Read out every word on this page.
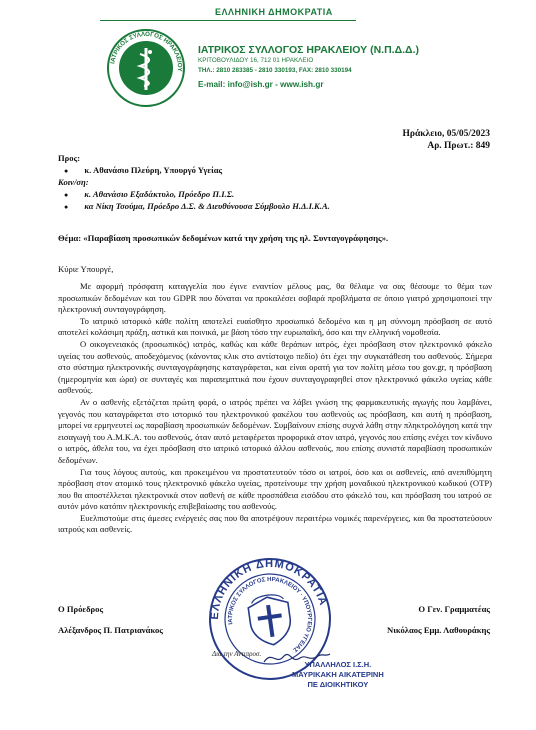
ΕΛΛΗΝΙΚΗ ΔΗΜΟΚΡΑΤΙΑ
ΙΑΤΡΙΚΟΣ ΣΥΛΛΟΓΟΣ ΗΡΑΚΛΕΙΟΥ
ΙΑΤΡΙΚΟΣ ΣΥΛΛΟΓΟΣ ΗΡΑΚΛΕΙΟΥ (Ν.Π.Δ.Δ.)
ΚΡΙΤΟΒΟΥΛΙΔΟΥ 16, 712 01 ΗΡΑΚΛΕΙΟ
ΤΗΛ.: 2810 283385 - 2810 330193, FAX: 2810 330194
E-mail: info@ish.gr - www.ish.gr
Ηράκλειο, 05/05/2023
Αρ. Πρωτ.: 849
Προς:
● κ. Αθανάσιο Πλεύρη, Υπουργό Υγείας
Κοιν/ση:
● κ. Αθανάσιο Εξαδάκτυλο, Πρόεδρο Π.Ι.Σ.
● κα Νίκη Τσούμα, Πρόεδρο Δ.Σ. & Διευθύνουσα Σύμβουλο Η.Δ.Ι.Κ.Α.
Θέμα: «Παραβίαση προσωπικών δεδομένων κατά την χρήση της ηλ. Συνταγογράφησης».
Κύριε Υπουργέ,

Με αφορμή πρόσφατη καταγγελία που έγινε εναντίον μέλους μας, θα θέλαμε να σας θέσουμε το θέμα των προσωπικών δεδομένων και του GDPR που δύναται να προκαλέσει σοβαρά προβλήματα σε όποιο γιατρό χρησιμοποιεί την ηλεκτρονική συνταγογράφηση.

Το ιατρικό ιστορικό κάθε πολίτη αποτελεί ευαίσθητο προσωπικό δεδομένο και η μη σύννομη πρόσβαση σε αυτό αποτελεί κολάσιμη πράξη, αστικά και ποινικά, με βάση τόσο την ευρωπαϊκή, όσο και την ελληνική νομοθεσία.

Ο οικογενειακός (προσωπικός) ιατρός, καθώς και κάθε θεράπων ιατρός, έχει πρόσβαση στον ηλεκτρονικό φάκελο υγείας του ασθενούς, αποδεχόμενος (κάνοντας κλικ στο αντίστοιχο πεδίο) ότι έχει την συγκατάθεση του ασθενούς. Σήμερα στο σύστημα ηλεκτρονικής συνταγογράφησης καταγράφεται, και είναι ορατή για τον πολίτη μέσω του gov.gr, η πρόσβαση (ημερομηνία και ώρα) σε συνταγές και παραπεμπτικά που έχουν συνταγογραφηθεί στον ηλεκτρονικό φάκελο υγείας κάθε ασθενούς.

Αν ο ασθενής εξετάζεται πρώτη φορά, ο ιατρός πρέπει να λάβει γνώση της φαρμακευτικής αγωγής που λαμβάνει, γεγονός που καταγράφεται στο ιστορικό του ηλεκτρονικού φακέλου του ασθενούς ως πρόσβαση, και αυτή η πρόσβαση, μπορεί να ερμηνευτεί ως παραβίαση προσωπικών δεδομένων. Συμβαίνουν επίσης συχνά λάθη στην πληκτρολόγηση κατά την εισαγωγή του Α.Μ.Κ.Α. του ασθενούς, όταν αυτό μεταφέρεται προφορικά στον ιατρό, γεγονός που επίσης ενέχει τον κίνδυνο ο ιατρός, άθελα του, να έχει πρόσβαση στο ιατρικό ιστορικό άλλου ασθενούς, που επίσης συνιστά παραβίαση προσωπικών δεδομένων.

Για τους λόγους αυτούς, και προκειμένου να προστατευτούν τόσο οι ιατροί, όσο και οι ασθενείς, από ανεπιθύμητη πρόσβαση στον ατομικό τους ηλεκτρονικό φάκελο υγείας, προτείνουμε την χρήση μοναδικού ηλεκτρονικού κωδικού (OTP) που θα αποστέλλεται ηλεκτρονικά στον ασθενή σε κάθε προσπάθεια εισόδου στο φάκελό του, και πρόσβαση του ιατρού σε αυτόν μόνο κατόπιν ηλεκτρονικής επιβεβαίωσης του ασθενούς.

Ευελπιστούμε στις άμεσες ενέργειές σας που θα αποτρέψουν περαιτέρω νομικές παρενέργειες, και θα προστατεύσουν ιατρούς και ασθενείς.

ΕΛΛΗΝΙΚΗ ΔΗΜΟΚΡΑΤΙΑ
ΙΑΤΡΙΚΟΣ ΣΥΛΛΟΓΟΣ ΗΡΑΚΛΕΙΟΥ · ΥΠΟΥΡΓΕΙΟ ΥΓΕΙΑΣ
Ο Πρόεδρος
Αλέξανδρος Π. Πατριανάκος
Ο Γεν. Γραμματέας
Νικόλαος Εμμ. Λαθουράκης
Δια την Αντιπροσ.
ΥΠΑΛΛΗΛΟΣ Ι.Σ.Η.
ΜΑΥΡΙΚΑΚΗ ΑΙΚΑΤΕΡΙΝΗ
ΠΕ ΔΙΟΙΚΗΤΙΚΟΥ
